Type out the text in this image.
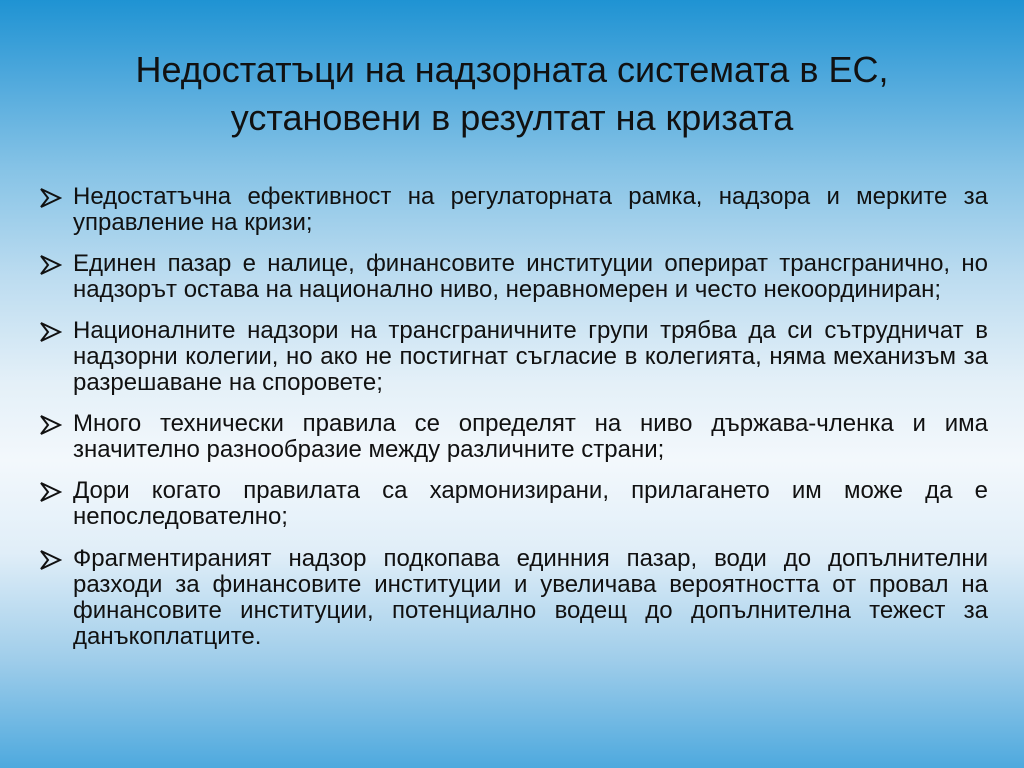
Недостатъци на надзорната системата в ЕС,
установени в резултат на кризата
Недостатъчна ефективност на регулаторната рамка, надзора и мерките за управление на кризи;
Единен пазар е налице, финансовите институции оперират трансгранично, но надзорът остава на национално ниво, неравномерен и често некоординиран;
Националните надзори на трансграничните групи трябва да си сътрудничат в надзорни колегии, но ако не постигнат съгласие в колегията, няма механизъм за разрешаване на споровете;
Много технически правила се определят на ниво държава-членка и има значително разнообразие между различните страни;
Дори когато правилата са хармонизирани, прилагането им може да е непоследователно;
Фрагментираният надзор подкопава единния пазар, води до допълнителни разходи за финансовите институции и увеличава вероятността от провал на финансовите институции, потенциално водещ до допълнителна тежест за данъкоплатците.
